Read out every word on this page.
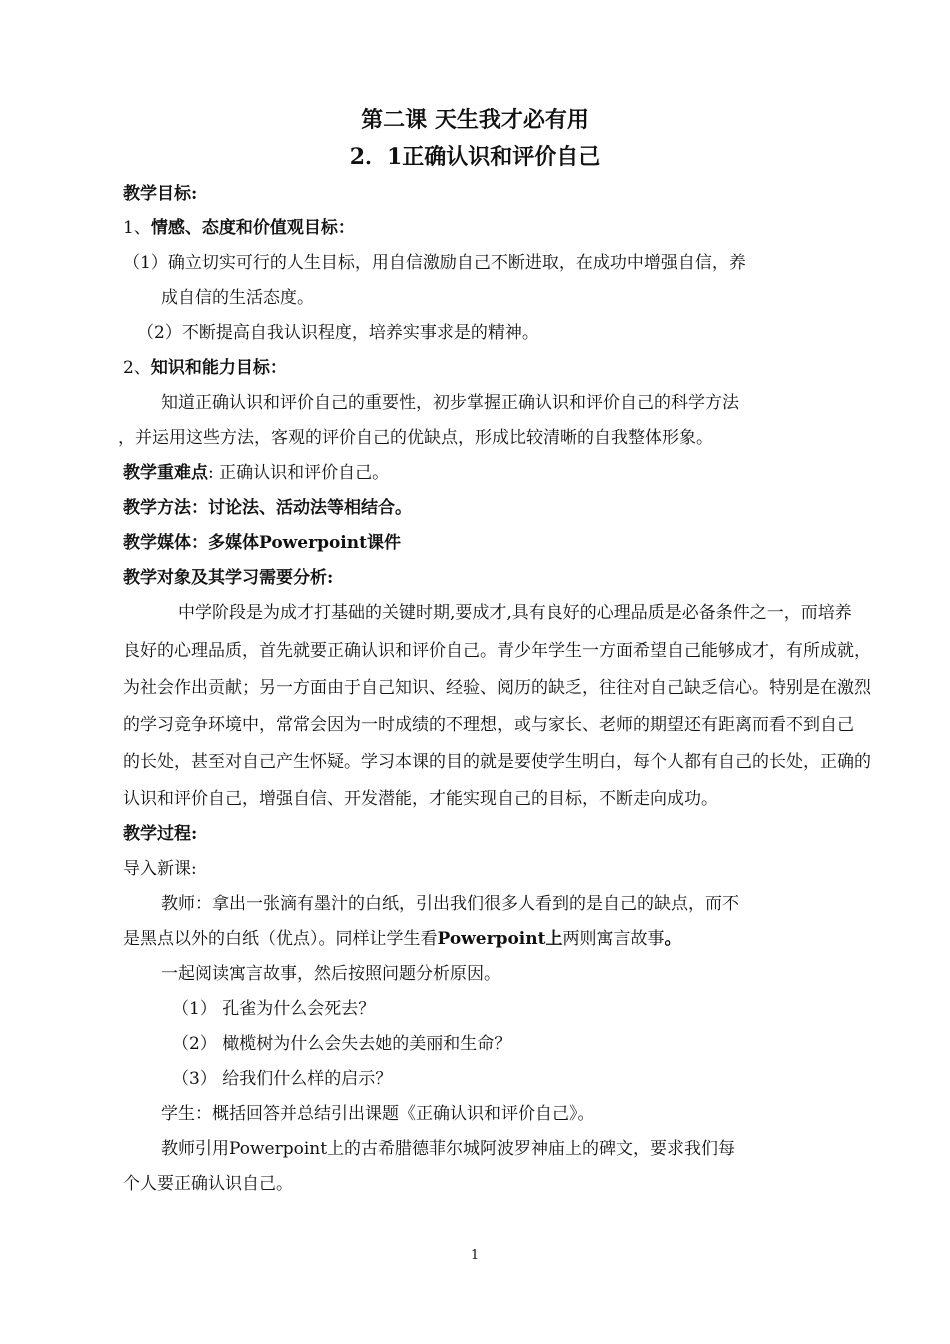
第二课 天生我才必有用
2．1正确认识和评价自己
教学目标:
1、情感、态度和价值观目标：
（1）确立切实可行的人生目标，用自信激励自己不断进取，在成功中增强自信，养
成自信的生活态度。
（2）不断提高自我认识程度，培养实事求是的精神。
2、知识和能力目标：
知道正确认识和评价自己的重要性，初步掌握正确认识和评价自己的科学方法
，并运用这些方法，客观的评价自己的优缺点，形成比较清晰的自我整体形象。
教学重难点: 正确认识和评价自己。
教学方法：讨论法、活动法等相结合。
教学媒体：多媒体Powerpoint课件
教学对象及其学习需要分析:
中学阶段是为成才打基础的关键时期,要成才,具有良好的心理品质是必备条件之一，而培养
良好的心理品质，首先就要正确认识和评价自己。青少年学生一方面希望自己能够成才，有所成就，
为社会作出贡献；另一方面由于自己知识、经验、阅历的缺乏，往往对自己缺乏信心。特别是在激烈
的学习竞争环境中，常常会因为一时成绩的不理想，或与家长、老师的期望还有距离而看不到自己
的长处，甚至对自己产生怀疑。学习本课的目的就是要使学生明白，每个人都有自己的长处，正确的
认识和评价自己，增强自信、开发潜能，才能实现自己的目标，不断走向成功。
教学过程:
导入新课:
教师：拿出一张滴有墨汁的白纸，引出我们很多人看到的是自己的缺点，而不
是黑点以外的白纸（优点）。同样让学生看Powerpoint上两则寓言故事。
一起阅读寓言故事，然后按照问题分析原因。
（1） 孔雀为什么会死去？
（2） 橄榄树为什么会失去她的美丽和生命？
（3） 给我们什么样的启示？
学生：概括回答并总结引出课题《正确认识和评价自己》。
教师引用Powerpoint上的古希腊德菲尔城阿波罗神庙上的碑文，要求我们每
个人要正确认识自己。
1
